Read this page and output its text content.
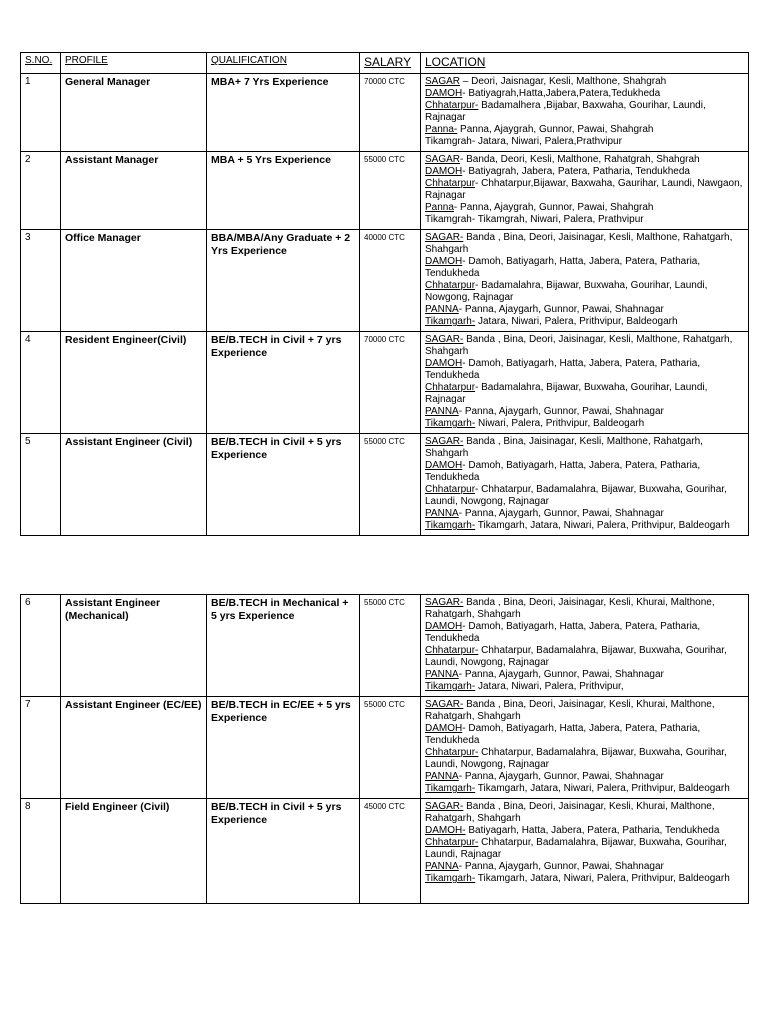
S.NO.	PROFILE	QUALIFICATION	SALARY	LOCATION
1	General Manager	MBA+ 7 Yrs Experience	70000 CTC	SAGAR – Deori, Jaisnagar, Kesli, Malthone, Shahgrah
DAMOH- Batiyagrah,Hatta,Jabera,Patera,Tedukheda
Chhatarpur- Badamalhera ,Bijabar, Baxwaha, Gourihar, Laundi, Rajnagar
Panna- Panna, Ajaygrah, Gunnor, Pawai, Shahgrah
Tikamgrah- Jatara, Niwari, Palera,Prathvipur

2	Assistant Manager	MBA + 5 Yrs Experience	55000 CTC	SAGAR- Banda, Deori, Kesli, Malthone, Rahatgrah, Shahgrah
DAMOH- Batiyagrah, Jabera, Patera, Patharia, Tendukheda
Chhatarpur- Chhatarpur,Bijawar, Baxwaha, Gaurihar, Laundi, Nawgaon, Rajnagar
Panna- Panna, Ajaygrah, Gunnor, Pawai, Shahgrah
Tikamgrah- Tikamgrah, Niwari, Palera, Prathvipur

3	Office Manager	BBA/MBA/Any Graduate + 2 Yrs Experience	40000 CTC	SAGAR- Banda , Bina, Deori, Jaisinagar, Kesli, Malthone, Rahatgarh, Shahgarh
DAMOH- Damoh, Batiyagarh, Hatta, Jabera, Patera, Patharia, Tendukheda
Chhatarpur- Badamalahra, Bijawar, Buxwaha, Gourihar, Laundi, Nowgong, Rajnagar
PANNA- Panna, Ajaygarh, Gunnor, Pawai, Shahnagar
Tikamgarh- Jatara, Niwari, Palera, Prithvipur, Baldeogarh

4	Resident Engineer(Civil)	BE/B.TECH in Civil + 7 yrs Experience	70000 CTC	SAGAR- Banda , Bina, Deori, Jaisinagar, Kesli, Malthone, Rahatgarh, Shahgarh
DAMOH- Damoh, Batiyagarh, Hatta, Jabera, Patera, Patharia, Tendukheda
Chhatarpur- Badamalahra, Bijawar, Buxwaha, Gourihar, Laundi, Rajnagar
PANNA- Panna, Ajaygarh, Gunnor, Pawai, Shahnagar
Tikamgarh- Niwari, Palera, Prithvipur, Baldeogarh

5	Assistant Engineer (Civil)	BE/B.TECH in Civil + 5 yrs Experience	55000 CTC	SAGAR- Banda , Bina, Jaisinagar, Kesli, Malthone, Rahatgarh, Shahgarh
DAMOH- Damoh, Batiyagarh, Hatta, Jabera, Patera, Patharia, Tendukheda
Chhatarpur- Chhatarpur, Badamalahra, Bijawar, Buxwaha, Gourihar, Laundi, Nowgong, Rajnagar
PANNA- Panna, Ajaygarh, Gunnor, Pawai, Shahnagar
Tikamgarh- Tikamgarh, Jatara, Niwari, Palera, Prithvipur, Baldeogarh
6	Assistant Engineer (Mechanical)	BE/B.TECH in Mechanical + 5 yrs Experience	55000 CTC	SAGAR- Banda , Bina, Deori, Jaisinagar, Kesli, Khurai, Malthone, Rahatgarh, Shahgarh
DAMOH- Damoh, Batiyagarh, Hatta, Jabera, Patera, Patharia, Tendukheda
Chhatarpur- Chhatarpur, Badamalahra, Bijawar, Buxwaha, Gourihar, Laundi, Nowgong, Rajnagar
PANNA- Panna, Ajaygarh, Gunnor, Pawai, Shahnagar
Tikamgarh- Jatara, Niwari, Palera, Prithvipur,

7	Assistant Engineer (EC/EE)	BE/B.TECH in EC/EE + 5 yrs Experience	55000 CTC	SAGAR- Banda , Bina, Deori, Jaisinagar, Kesli, Khurai, Malthone, Rahatgarh, Shahgarh
DAMOH- Damoh, Batiyagarh, Hatta, Jabera, Patera, Patharia, Tendukheda
Chhatarpur- Chhatarpur, Badamalahra, Bijawar, Buxwaha, Gourihar, Laundi, Nowgong, Rajnagar
PANNA- Panna, Ajaygarh, Gunnor, Pawai, Shahnagar
Tikamgarh- Tikamgarh, Jatara, Niwari, Palera, Prithvipur, Baldeogarh

8	Field Engineer (Civil)	BE/B.TECH in Civil + 5 yrs Experience	45000 CTC	SAGAR- Banda , Bina, Deori, Jaisinagar, Kesli, Khurai, Malthone, Rahatgarh, Shahgarh
DAMOH- Batiyagarh, Hatta, Jabera, Patera, Patharia, Tendukheda
Chhatarpur- Chhatarpur, Badamalahra, Bijawar, Buxwaha, Gourihar, Laundi, Rajnagar
PANNA- Panna, Ajaygarh, Gunnor, Pawai, Shahnagar
Tikamgarh- Tikamgarh, Jatara, Niwari, Palera, Prithvipur, Baldeogarh
